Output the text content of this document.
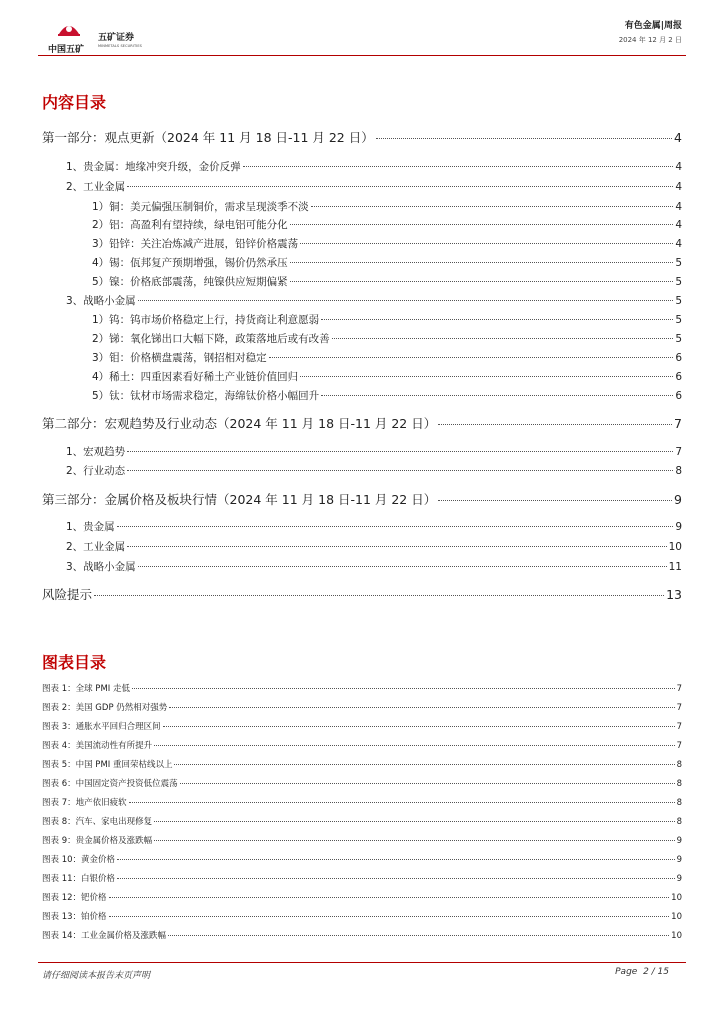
中国五矿
五矿证券
MINMETALS SECURITIES
有色金属|周报
2024 年 12 月 2 日
内容目录
第一部分：观点更新（2024 年 11 月 18 日-11 月 22 日）	4
1、贵金属：地缘冲突升级，金价反弹	4
2、工业金属	4
1）铜：美元偏强压制铜价，需求呈现淡季不淡	4
2）铝：高盈利有望持续，绿电铝可能分化	4
3）铅锌：关注冶炼减产进展，铅锌价格震荡	4
4）锡：佤邦复产预期增强，锡价仍然承压	5
5）镍：价格底部震荡，纯镍供应短期偏紧	5
3、战略小金属	5
1）钨：钨市场价格稳定上行，持货商让利意愿弱	5
2）锑：氧化锑出口大幅下降，政策落地后或有改善	5
3）钼：价格横盘震荡，钢招相对稳定	6
4）稀土：四重因素看好稀土产业链价值回归	6
5）钛：钛材市场需求稳定，海绵钛价格小幅回升	6
第二部分：宏观趋势及行业动态（2024 年 11 月 18 日-11 月 22 日）	7
1、宏观趋势	7
2、行业动态	8
第三部分：金属价格及板块行情（2024 年 11 月 18 日-11 月 22 日）	9
1、贵金属	9
2、工业金属	10
3、战略小金属	11
风险提示	13
图表目录
图表 1：全球 PMI 走低	7
图表 2：美国 GDP 仍然相对强势	7
图表 3：通胀水平回归合理区间	7
图表 4：美国流动性有所提升	7
图表 5：中国 PMI 重回荣枯线以上	8
图表 6：中国固定资产投资低位震荡	8
图表 7：地产依旧疲软	8
图表 8：汽车、家电出现修复	8
图表 9：贵金属价格及涨跌幅	9
图表 10：黄金价格	9
图表 11：白银价格	9
图表 12：钯价格	10
图表 13：铂价格	10
图表 14：工业金属价格及涨跌幅	10
请仔细阅读本报告末页声明	Page 2 / 15
